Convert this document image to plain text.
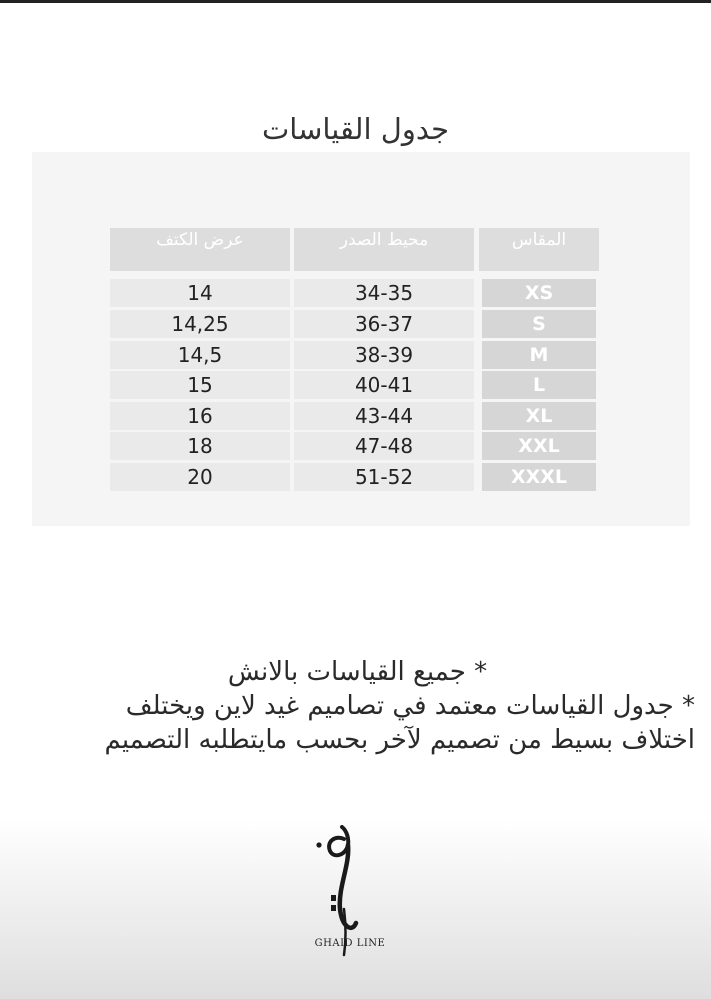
جدول القياسات
عرض الكتف	محيط الصدر	المقاس
14	34-35	XS
14,25	36-37	S
14,5	38-39	M
15	40-41	L
16	43-44	XL
18	47-48	XXL
20	51-52	XXXL
* جميع القياسات بالانش
* جدول القياسات معتمد في تصاميم غيد لاين ويختلف
اختلاف بسيط من تصميم لآخر بحسب مايتطلبه التصميم
GHAID LINE
